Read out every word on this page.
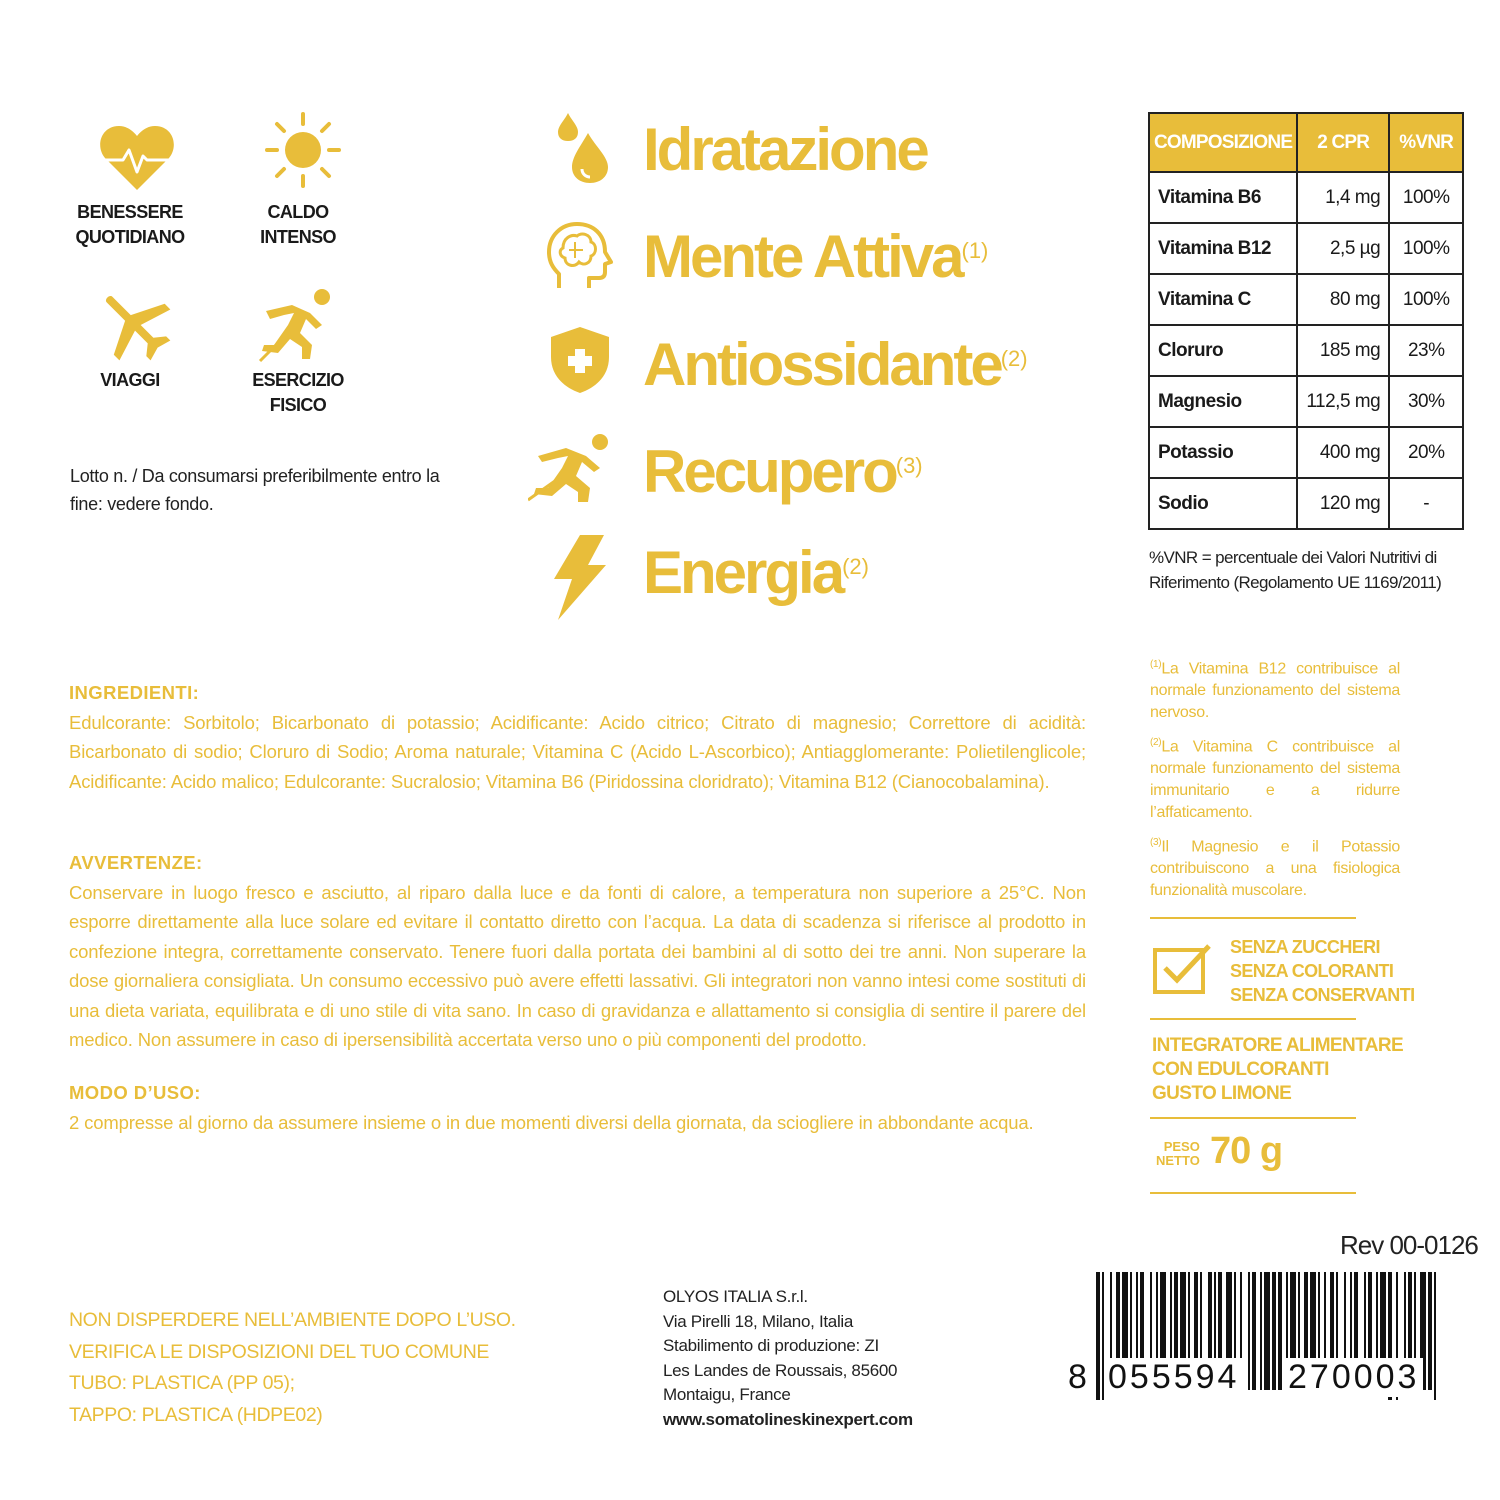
BENESSERE
QUOTIDIANO
CALDO
INTENSO
VIAGGI	ESERCIZIO
FISICO
Lotto n. / Da consumarsi preferibilmente entro la fine: vedere fondo.
Idratazione
Mente Attiva$^{(1)}$
Antiossidante$^{(2)}$
Recupero$^{(3)}$
Energia$^{(2)}$
COMPOSIZIONE	2 CPR	%VNR
Vitamina B6	1,4 mg	100%
Vitamina B12	2,5 µg	100%
Vitamina C	80 mg	100%
Cloruro	185 mg	23%
Magnesio	112,5 mg	30%
Potassio	400 mg	20%
Sodio	120 mg	-
%VNR = percentuale dei Valori Nutritivi di Riferimento (Regolamento UE 1169/2011)
$^{(1)}$La Vitamina B12 contribuisce al normale funzionamento del sistema nervoso.
$^{(2)}$La Vitamina C contribuisce al normale funzionamento del sistema immunitario e a ridurre l’affaticamento.
$^{(3)}$Il Magnesio e il Potassio contribuiscono a una fisiologica funzionalità muscolare.
SENZA ZUCCHERI
SENZA COLORANTI
SENZA CONSERVANTI
INTEGRATORE ALIMENTARE
CON EDULCORANTI
GUSTO LIMONE
PESO
NETTO 70 g
INGREDIENTI:
Edulcorante: Sorbitolo; Bicarbonato di potassio; Acidificante: Acido citrico; Citrato di magnesio; Correttore di acidità: Bicarbonato di sodio; Cloruro di Sodio; Aroma naturale; Vitamina C (Acido L-Ascorbico); Antiagglomerante: Polietilenglicole; Acidificante: Acido malico; Edulcorante: Sucralosio; Vitamina B6 (Piridossina cloridrato); Vitamina B12 (Cianocobalamina).
AVVERTENZE:
Conservare in luogo fresco e asciutto, al riparo dalla luce e da fonti di calore, a temperatura non superiore a 25°C. Non esporre direttamente alla luce solare ed evitare il contatto diretto con l’acqua. La data di scadenza si riferisce al prodotto in confezione integra, correttamente conservato. Tenere fuori dalla portata dei bambini al di sotto dei tre anni. Non superare la dose giornaliera consigliata. Un consumo eccessivo può avere effetti lassativi. Gli integratori non vanno intesi come sostituti di una dieta variata, equilibrata e di uno stile di vita sano. In caso di gravidanza e allattamento si consiglia di sentire il parere del medico. Non assumere in caso di ipersensibilità accertata verso uno o più componenti del prodotto.
MODO D’USO:
2 compresse al giorno da assumere insieme o in due momenti diversi della giornata, da sciogliere in abbondante acqua.
NON DISPERDERE NELL’AMBIENTE DOPO L’USO.
VERIFICA LE DISPOSIZIONI DEL TUO COMUNE
TUBO: PLASTICA (PP 05);
TAPPO: PLASTICA (HDPE02)
OLYOS ITALIA S.r.l.
Via Pirelli 18, Milano, Italia
Stabilimento di produzione: ZI
Les Landes de Roussais, 85600
Montaigu, France
www.somatolineskinexpert.com
Rev 00-0126
8 055594 270003
